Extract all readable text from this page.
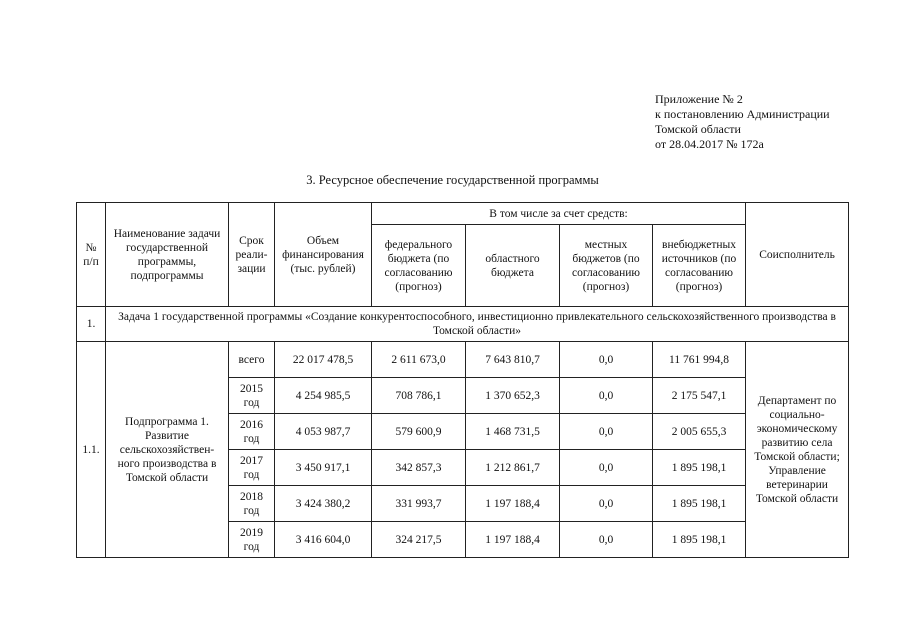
Приложение № 2
к постановлению Администрации
Томской области
от 28.04.2017 № 172а
3. Ресурсное обеспечение государственной программы
№ п/п	Наименование задачи государственной программы, подпрограммы	Срок реали-зации	Объем финансирования (тыс. рублей)	В том числе за счет средств:				Соисполнитель
				федерального бюджета (по согласованию (прогноз)	областного бюджета	местных бюджетов (по согласованию (прогноз)	внебюджетных источников (по согласованию (прогноз)	
1.	Задача 1 государственной программы «Создание конкурентоспособного, инвестиционно привлекательного сельскохозяйственного производства в Томской области»							
1.1.	Подпрограмма 1. Развитие сельскохозяйствен-ного производства в Томской области	всего	22 017 478,5	2 611 673,0	7 643 810,7	0,0	11 761 994,8	Департамент по социально-экономическому развитию села Томской области; Управление ветеринарии Томской области
		2015 год	4 254 985,5	708 786,1	1 370 652,3	0,0	2 175 547,1	
		2016 год	4 053 987,7	579 600,9	1 468 731,5	0,0	2 005 655,3	
		2017 год	3 450 917,1	342 857,3	1 212 861,7	0,0	1 895 198,1	
		2018 год	3 424 380,2	331 993,7	1 197 188,4	0,0	1 895 198,1	
		2019 год	3 416 604,0	324 217,5	1 197 188,4	0,0	1 895 198,1	
